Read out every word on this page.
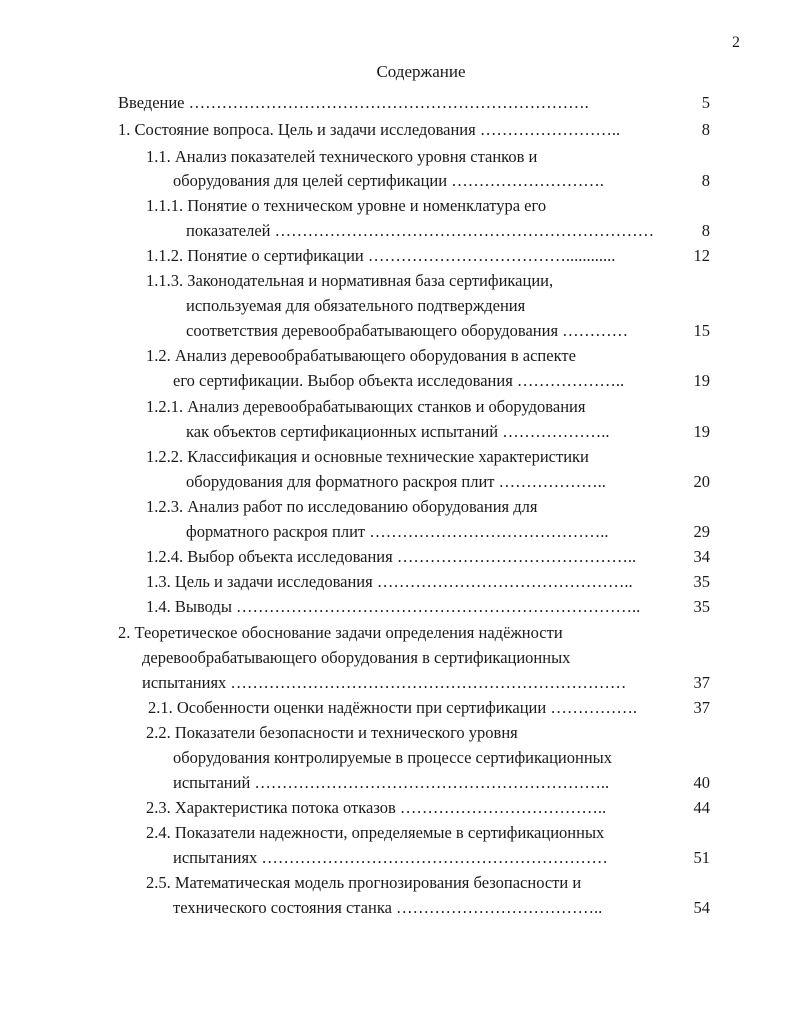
2
Содержание
Введение ……………………………………………………………….	5
1. Состояние вопроса. Цель и задачи исследования ……………………..	8
1.1. Анализ показателей технического уровня станков и
оборудования для целей сертификации ……………………….	8
1.1.1. Понятие о техническом уровне и номенклатура его
показателей ……………………………………………………………	8
1.1.2. Понятие о сертификации ………………………………............	12
1.1.3. Законодательная и нормативная база сертификации,
используемая для обязательного подтверждения
соответствия деревообрабатывающего оборудования …………	15
1.2. Анализ деревообрабатывающего оборудования в аспекте
его сертификации. Выбор объекта исследования ………………..	19
1.2.1. Анализ деревообрабатывающих станков и оборудования
как объектов сертификационных испытаний ………………..	19
1.2.2. Классификация и основные технические характеристики
оборудования для форматного раскроя плит ………………..	20
1.2.3. Анализ работ по исследованию оборудования для
форматного раскроя плит ……………………………………..	29
1.2.4. Выбор объекта исследования ……………………………………..	34
1.3. Цель и задачи исследования ………………………………………..	35
1.4. Выводы ………………………………………………………………..	35
2. Теоретическое обоснование задачи определения надёжности
деревообрабатывающего оборудования в сертификационных
испытаниях ………………………………………………………………	37
2.1. Особенности оценки надёжности при сертификации …………….	37
2.2. Показатели безопасности и технического уровня
оборудования контролируемые в процессе сертификационных
испытаний ………………………………………………………..	40
2.3. Характеристика потока отказов ………………………………..	44
2.4. Показатели надежности, определяемые в сертификационных
испытаниях ………………………………………………………	51
2.5. Математическая модель прогнозирования безопасности и
технического состояния станка ………………………………..	54
